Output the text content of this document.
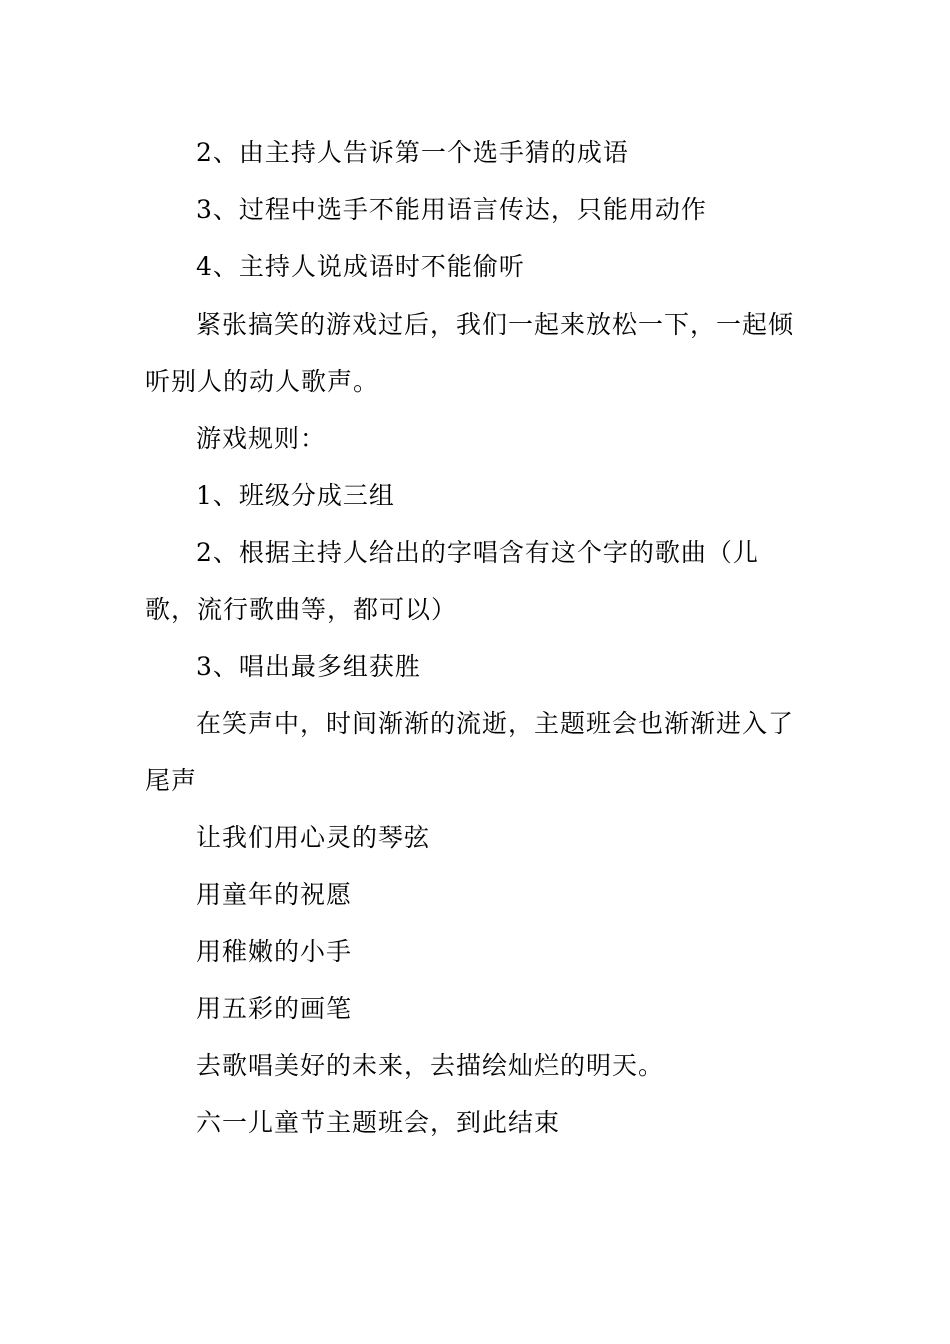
2、由主持人告诉第一个选手猜的成语

3、过程中选手不能用语言传达，只能用动作

4、主持人说成语时不能偷听

紧张搞笑的游戏过后，我们一起来放松一下，一起倾听别人的动人歌声。

游戏规则：

1、班级分成三组

2、根据主持人给出的字唱含有这个字的歌曲（儿歌，流行歌曲等，都可以）

3、唱出最多组获胜

在笑声中，时间渐渐的流逝，主题班会也渐渐进入了尾声

让我们用心灵的琴弦

用童年的祝愿

用稚嫩的小手

用五彩的画笔

去歌唱美好的未来，去描绘灿烂的明天。

六一儿童节主题班会，到此结束
